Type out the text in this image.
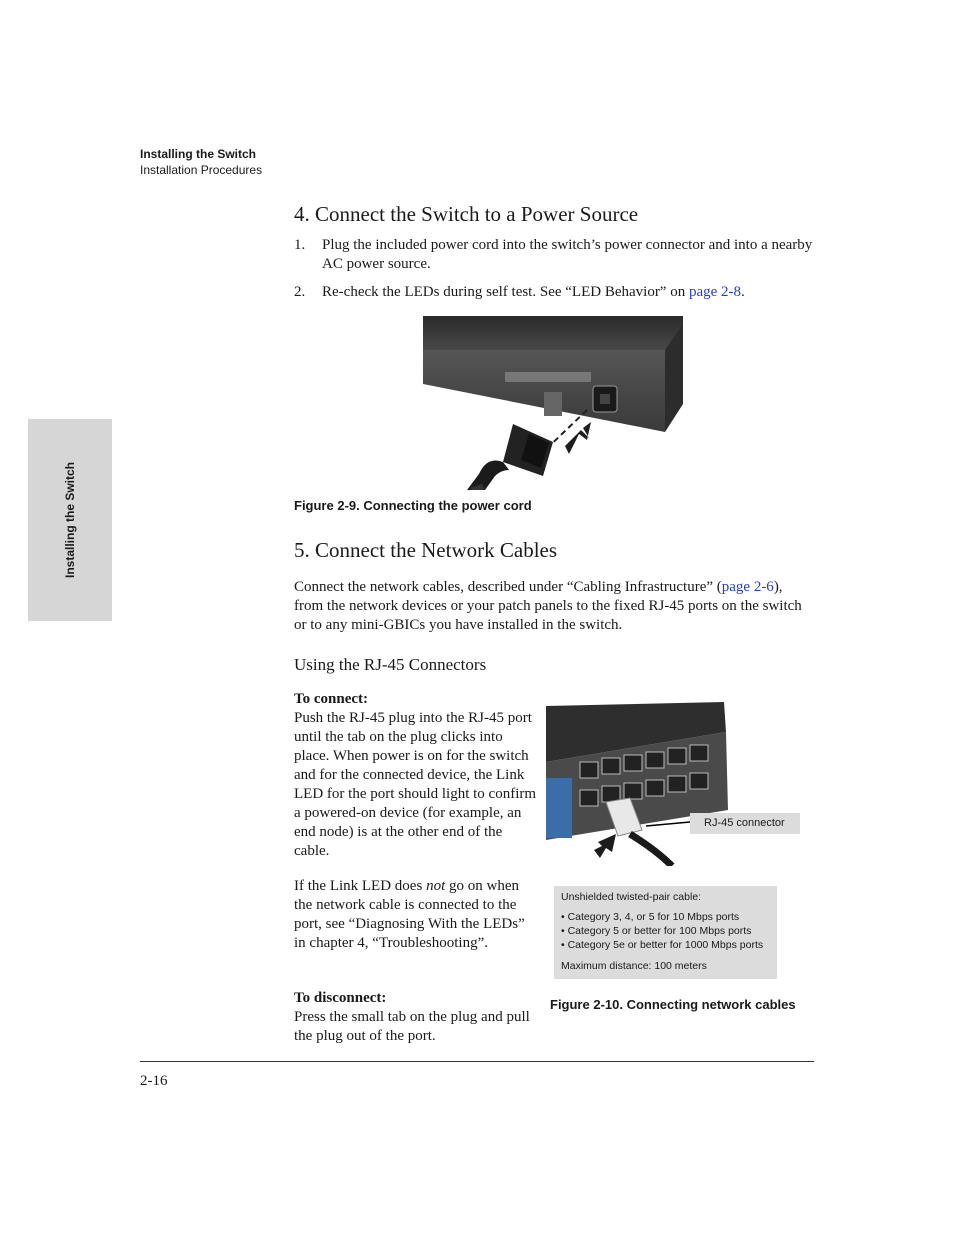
Installing the Switch
Installation Procedures
Installing the Switch
4. Connect the Switch to a Power Source
1. Plug the included power cord into the switch’s power connector and into a nearby AC power source.
2. Re-check the LEDs during self test. See “LED Behavior” on page 2-8.
Figure 2-9. Connecting the power cord
5. Connect the Network Cables
Connect the network cables, described under “Cabling Infrastructure” (page 2-6), from the network devices or your patch panels to the fixed RJ-45 ports on the switch or to any mini-GBICs you have installed in the switch.
Using the RJ-45 Connectors
To connect:
Push the RJ-45 plug into the RJ-45 port until the tab on the plug clicks into place. When power is on for the switch and for the connected device, the Link LED for the port should light to confirm a powered-on device (for example, an end node) is at the other end of the cable.
If the Link LED does not go on when the network cable is connected to the port, see “Diagnosing With the LEDs” in chapter 4, “Troubleshooting”.
To disconnect:
Press the small tab on the plug and pull the plug out of the port.
RJ-45 connector
Unshielded twisted-pair cable:
• Category 3, 4, or 5 for 10 Mbps ports
• Category 5 or better for 100 Mbps ports
• Category 5e or better for 1000 Mbps ports
Maximum distance: 100 meters
Figure 2-10. Connecting network cables
2-16
